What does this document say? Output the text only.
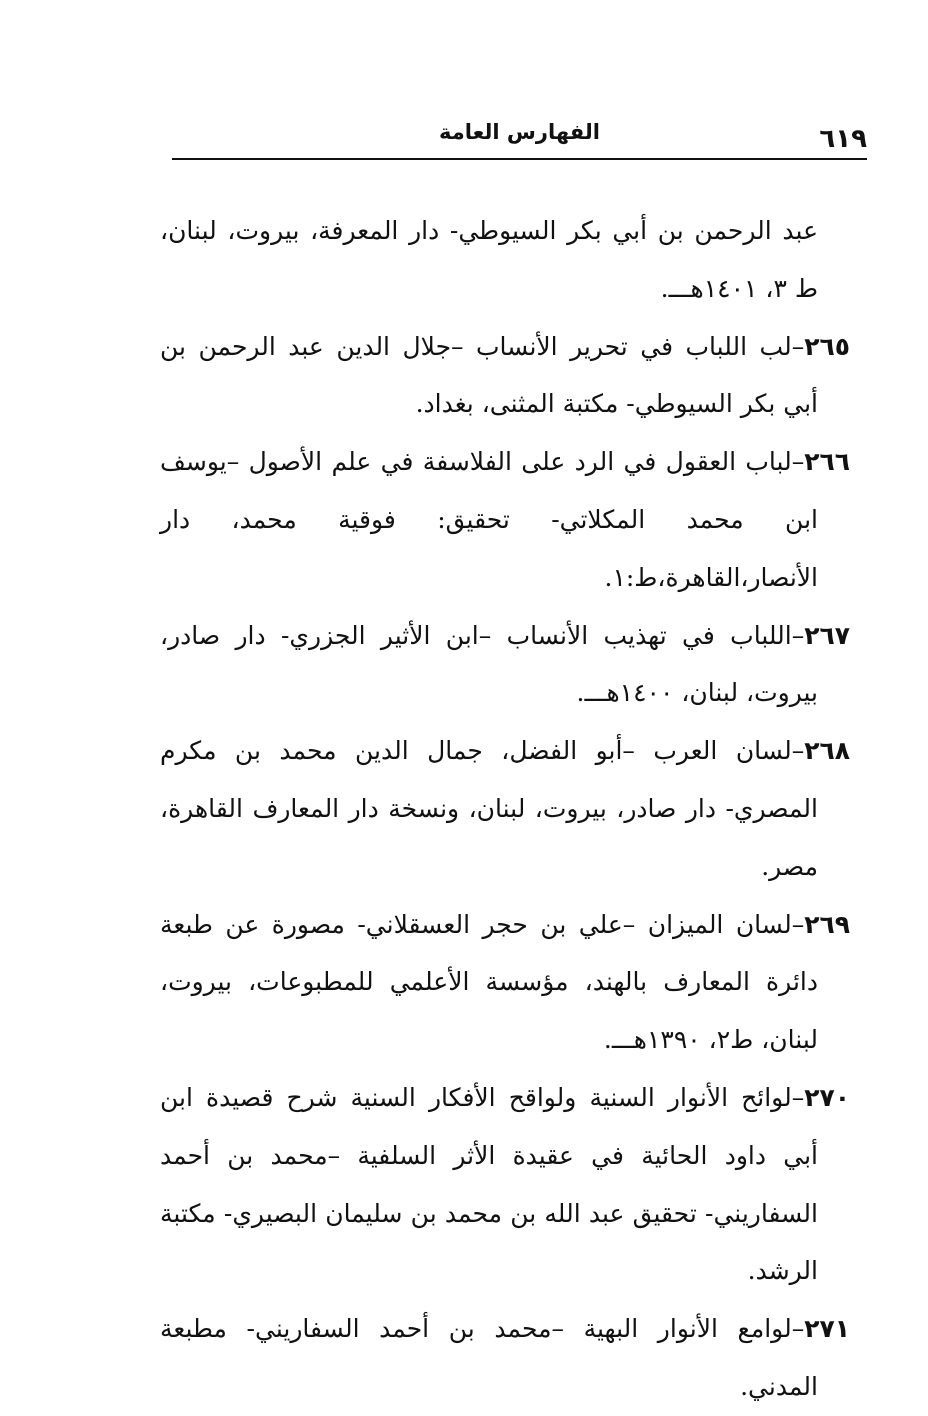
٦١٩
الفهارس العامة

عبد الرحمن بن أبي بكر السيوطي- دار المعرفة، بيروت، لبنان، ط ٣، ١٤٠١هـــ.

٢٦٥–لب اللباب في تحرير الأنساب –جلال الدين عبد الرحمن بن أبي بكر السيوطي- مكتبة المثنى، بغداد.

٢٦٦–لباب العقول في الرد على الفلاسفة في علم الأصول –يوسف ابن محمد المكلاتي- تحقيق: فوقية محمد، دار الأنصار،القاهرة،ط:١.

٢٦٧–اللباب في تهذيب الأنساب –ابن الأثير الجزري- دار صادر، بيروت، لبنان، ١٤٠٠هـــ.

٢٦٨–لسان العرب –أبو الفضل، جمال الدين محمد بن مكرم المصري- دار صادر، بيروت، لبنان، ونسخة دار المعارف القاهرة، مصر.

٢٦٩–لسان الميزان –علي بن حجر العسقلاني- مصورة عن طبعة دائرة المعارف بالهند، مؤسسة الأعلمي للمطبوعات، بيروت، لبنان، ط٢، ١٣٩٠هـــ.

٢٧٠–لوائح الأنوار السنية ولواقح الأفكار السنية شرح قصيدة ابن أبي داود الحائية في عقيدة الأثر السلفية –محمد بن أحمد السفاريني- تحقيق عبد الله بن محمد بن سليمان البصيري- مكتبة الرشد.

٢٧١–لوامع الأنوار البهية –محمد بن أحمد السفاريني- مطبعة المدني.
